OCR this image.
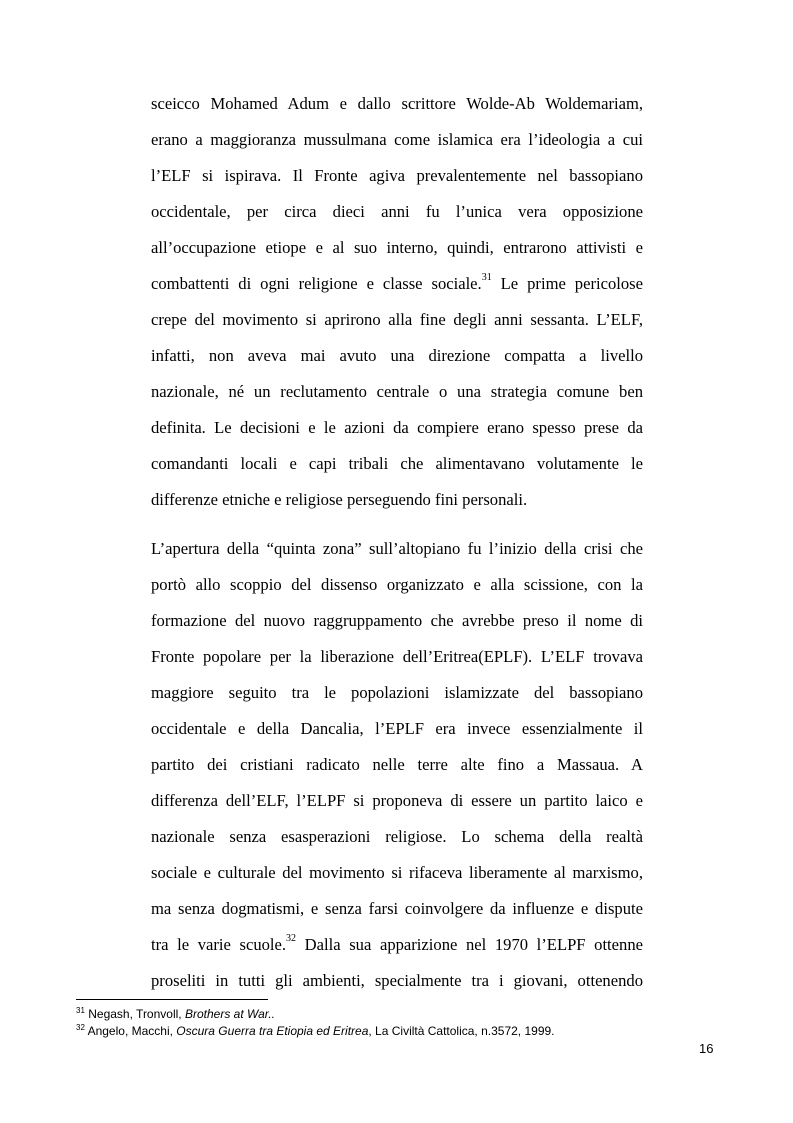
sceicco Mohamed Adum e dallo scrittore Wolde-Ab Woldemariam,
erano a maggioranza mussulmana come islamica era l’ideologia a cui
l’ELF si ispirava. Il Fronte agiva prevalentemente nel bassopiano
occidentale, per circa dieci anni fu l’unica vera opposizione
all’occupazione etiope e al suo interno, quindi, entrarono attivisti e
combattenti di ogni religione e classe sociale.$^{31}$ Le prime pericolose
crepe del movimento si aprirono alla fine degli anni sessanta. L’ELF,
infatti, non aveva mai avuto una direzione compatta a livello
nazionale, né un reclutamento centrale o una strategia comune ben
definita. Le decisioni e le azioni da compiere erano spesso prese da
comandanti locali e capi tribali che alimentavano volutamente le
differenze etniche e religiose perseguendo fini personali.
L’apertura della “quinta zona” sull’altopiano fu l’inizio della crisi che
portò allo scoppio del dissenso organizzato e alla scissione, con la
formazione del nuovo raggruppamento che avrebbe preso il nome di
Fronte popolare per la liberazione dell’Eritrea(EPLF). L’ELF trovava
maggiore seguito tra le popolazioni islamizzate del bassopiano
occidentale e della Dancalia, l’EPLF era invece essenzialmente il
partito dei cristiani radicato nelle terre alte fino a Massaua. A
differenza dell’ELF, l’ELPF si proponeva di essere un partito laico e
nazionale senza esasperazioni religiose. Lo schema della realtà
sociale e culturale del movimento si rifaceva liberamente al marxismo,
ma senza dogmatismi, e senza farsi coinvolgere da influenze e dispute
tra le varie scuole.$^{32}$ Dalla sua apparizione nel 1970 l’ELPF ottenne
proseliti in tutti gli ambienti, specialmente tra i giovani, ottenendo
$^{31}$ Negash, Tronvoll, Brothers at War..
$^{32}$ Angelo, Macchi, Oscura Guerra tra Etiopia ed Eritrea, La Civiltà Cattolica, n.3572, 1999.
16
